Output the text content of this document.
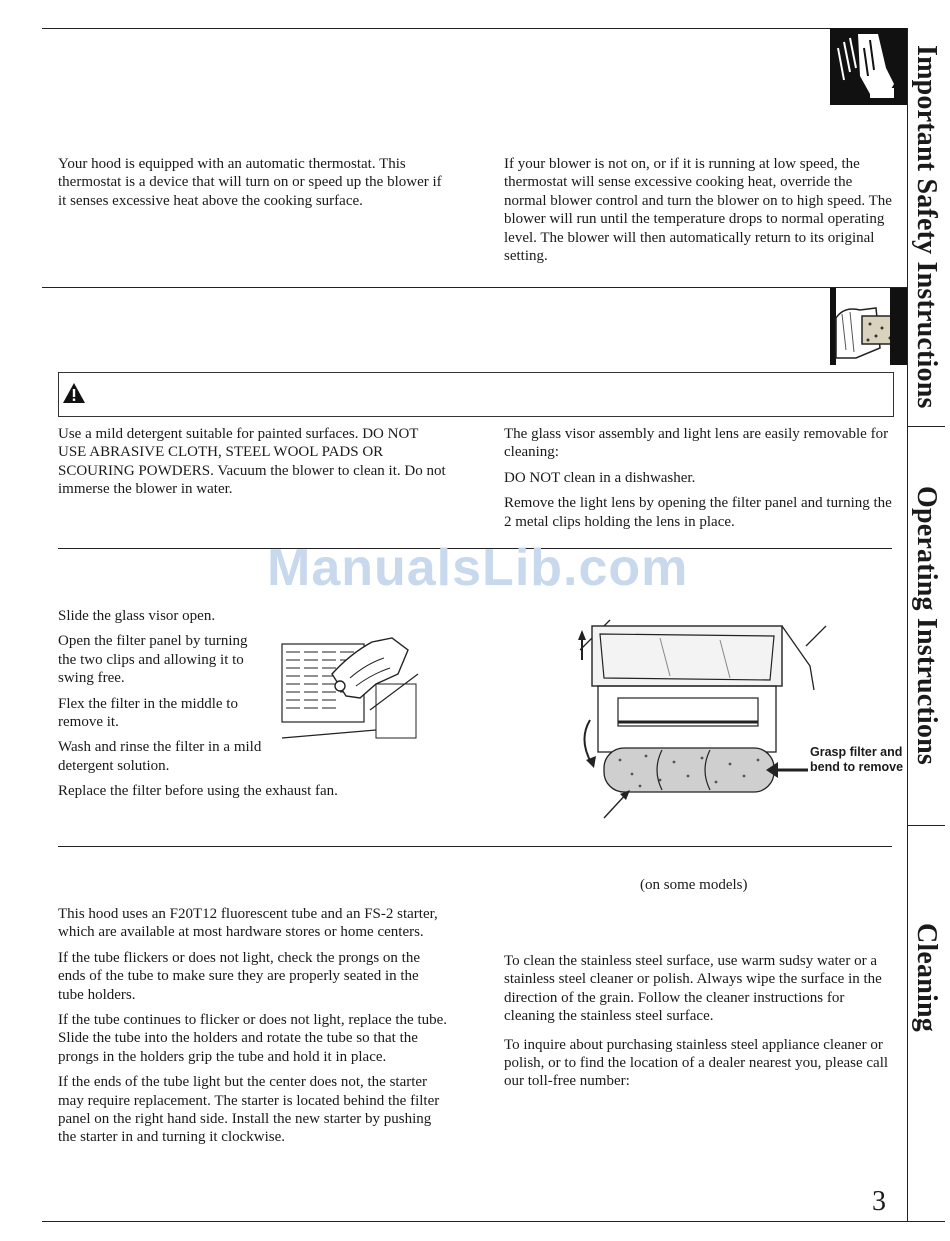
Important Safety Instructions
Operating Instructions
Cleaning

Your hood is equipped with an automatic thermostat. This thermostat is a device that will turn on or speed up the blower if it senses excessive heat above the cooking surface.

If your blower is not on, or if it is running at low speed, the thermostat will sense excessive cooking heat, override the normal blower control and turn the blower on to high speed. The blower will run until the temperature drops to normal operating level. The blower will then automatically return to its original setting.

Use a mild detergent suitable for painted surfaces. DO NOT USE ABRASIVE CLOTH, STEEL WOOL PADS OR SCOURING POWDERS. Vacuum the blower to clean it. Do not immerse the blower in water.

The glass visor assembly and light lens are easily removable for cleaning:

DO NOT clean in a dishwasher.

Remove the light lens by opening the filter panel and turning the 2 metal clips holding the lens in place.

ManualsLib.com

Slide the glass visor open.

Open the filter panel by turning the two clips and allowing it to swing free.

Flex the filter in the middle to remove it.

Wash and rinse the filter in a mild detergent solution.

Replace the filter before using the exhaust fan.

Grasp filter and bend to remove

This hood uses an F20T12 fluorescent tube and an FS-2 starter, which are available at most hardware stores or home centers.

If the tube flickers or does not light, check the prongs on the ends of the tube to make sure they are properly seated in the tube holders.

If the tube continues to flicker or does not light, replace the tube. Slide the tube into the holders and rotate the tube so that the prongs in the holders grip the tube and hold it in place.

If the ends of the tube light but the center does not, the starter may require replacement. The starter is located behind the filter panel on the right hand side. Install the new starter by pushing the starter in and turning it clockwise.

(on some models)

To clean the stainless steel surface, use warm sudsy water or a stainless steel cleaner or polish. Always wipe the surface in the direction of the grain. Follow the cleaner instructions for cleaning the stainless steel surface.

To inquire about purchasing stainless steel appliance cleaner or polish, or to find the location of a dealer nearest you, please call our toll-free number:

3
